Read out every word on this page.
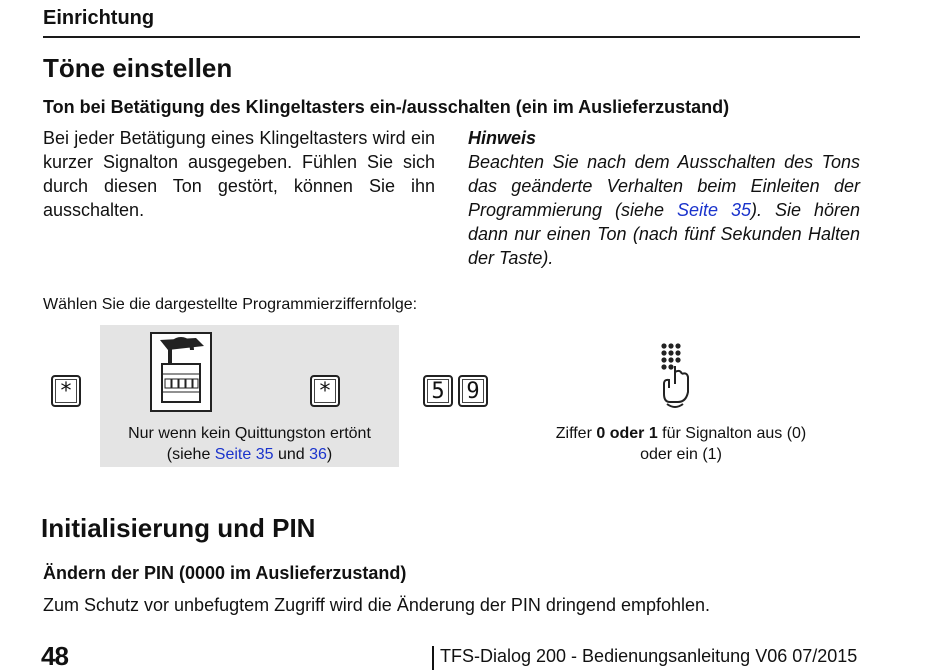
Einrichtung
Töne einstellen
Ton bei Betätigung des Klingeltasters ein-/ausschalten (ein im Auslieferzustand)
Bei jeder Betätigung eines Klingeltasters wird ein kurzer Signalton ausgegeben. Fühlen Sie sich durch diesen Ton gestört, können Sie ihn ausschalten.
Hinweis
Beachten Sie nach dem Ausschalten des Tons das geänderte Verhalten beim Einleiten der Programmierung (siehe Seite 35). Sie hören dann nur einen Ton (nach fünf Sekunden Halten der Taste).
Wählen Sie die dargestellte Programmierziffernfolge:
*	*
Nur wenn kein Quittungston ertönt
(siehe Seite 35 und 36)
5 9
Ziffer 0 oder 1 für Signalton aus (0)
oder ein (1)
Initialisierung und PIN
Ändern der PIN (0000 im Auslieferzustand)
Zum Schutz vor unbefugtem Zugriff wird die Änderung der PIN dringend empfohlen.
48	TFS-Dialog 200 - Bedienungsanleitung V06 07/2015
